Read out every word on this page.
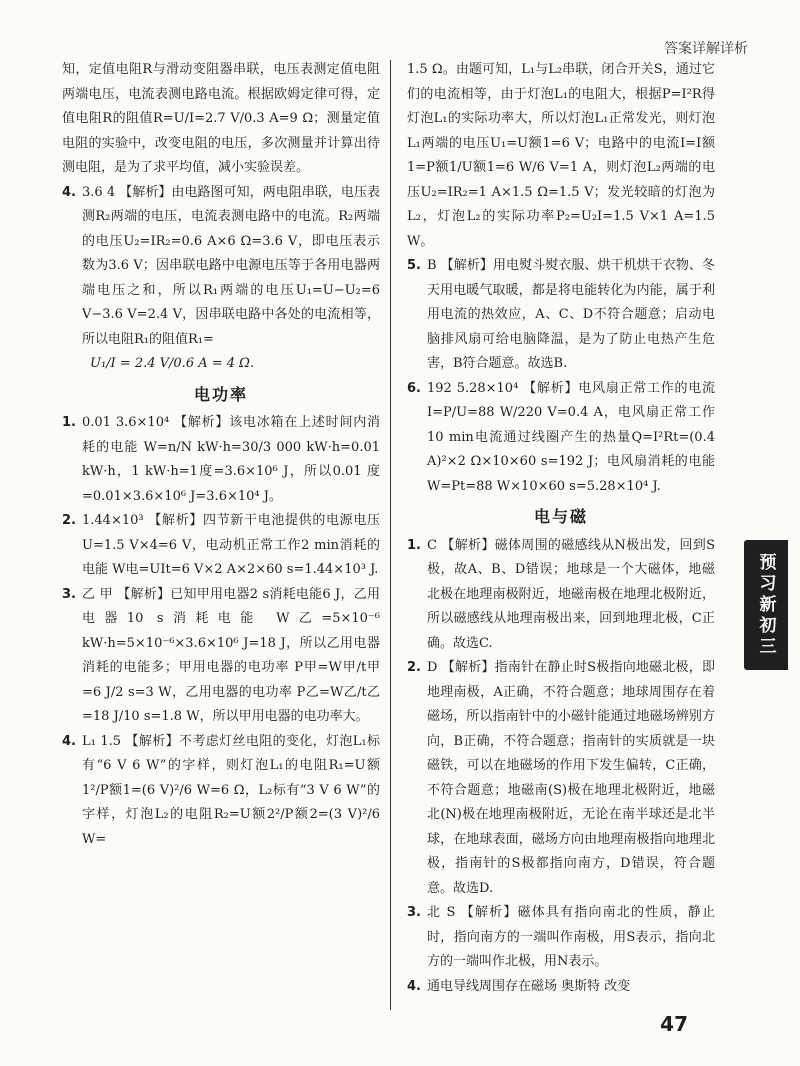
答案详解详析

知，定值电阻R与滑动变阻器串联，电压表测定值电阻两端电压，电流表测电路电流。根据欧姆定律可得，定值电阻R的阻值R=U/I=2.7 V/0.3 A=9 Ω；测量定值电阻的实验中，改变电阻的电压，多次测量并计算出待测电阻，是为了求平均值，减小实验误差。

4. 3.6 4 【解析】由电路图可知，两电阻串联，电压表测R₂两端的电压，电流表测电路中的电流。R₂两端的电压U₂=IR₂=0.6 A×6 Ω=3.6 V，即电压表示数为3.6 V；因串联电路中电源电压等于各用电器两端电压之和，所以R₁两端的电压U₁=U−U₂=6 V−3.6 V=2.4 V，因串联电路中各处的电流相等，所以电阻R₁的阻值R₁=
U₁/I = 2.4 V/0.6 A = 4 Ω.
电功率
1. 0.01 3.6×10⁴ 【解析】该电冰箱在上述时间内消耗的电能 W=n/N kW·h=30/3 000 kW·h=0.01 kW·h，1 kW·h=1度=3.6×10⁶ J，所以0.01 度=0.01×3.6×10⁶ J=3.6×10⁴ J。
2. 1.44×10³ 【解析】四节新干电池提供的电源电压U=1.5 V×4=6 V，电动机正常工作2 min消耗的电能 W电=UIt=6 V×2 A×2×60 s=1.44×10³ J.
3. 乙 甲 【解析】已知甲用电器2 s消耗电能6 J，乙用电器10 s消耗电能 W乙=5×10⁻⁶ kW·h=5×10⁻⁶×3.6×10⁶ J=18 J，所以乙用电器消耗的电能多；甲用电器的电功率 P甲=W甲/t甲=6 J/2 s=3 W，乙用电器的电功率 P乙=W乙/t乙=18 J/10 s=1.8 W，所以甲用电器的电功率大。
4. L₁ 1.5 【解析】不考虑灯丝电阻的变化，灯泡L₁标有“6 V 6 W”的字样，则灯泡L₁的电阻R₁=U额1²/P额1=(6 V)²/6 W=6 Ω，L₂标有“3 V 6 W”的字样，灯泡L₂的电阻R₂=U额2²/P额2=(3 V)²/6 W=

1.5 Ω。由题可知，L₁与L₂串联，闭合开关S，通过它们的电流相等，由于灯泡L₁的电阻大，根据P=I²R得灯泡L₁的实际功率大，所以灯泡L₁正常发光，则灯泡L₁两端的电压U₁=U额1=6 V；电路中的电流I=I额1=P额1/U额1=6 W/6 V=1 A，则灯泡L₂两端的电压U₂=IR₂=1 A×1.5 Ω=1.5 V；发光较暗的灯泡为L₂，灯泡L₂的实际功率P₂=U₂I=1.5 V×1 A=1.5 W。

5. B 【解析】用电熨斗熨衣服、烘干机烘干衣物、冬天用电暖气取暖，都是将电能转化为内能，属于利用电流的热效应，A、C、D不符合题意；启动电脑排风扇可给电脑降温，是为了防止电热产生危害，B符合题意。故选B.
6. 192 5.28×10⁴ 【解析】电风扇正常工作的电流I=P/U=88 W/220 V=0.4 A，电风扇正常工作10 min电流通过线圈产生的热量Q=I²Rt=(0.4 A)²×2 Ω×10×60 s=192 J；电风扇消耗的电能 W=Pt=88 W×10×60 s=5.28×10⁴ J.
电与磁
1. C 【解析】磁体周围的磁感线从N极出发，回到S极，故A、B、D错误；地球是一个大磁体，地磁北极在地理南极附近，地磁南极在地理北极附近，所以磁感线从地理南极出来，回到地理北极，C正确。故选C.
2. D 【解析】指南针在静止时S极指向地磁北极，即地理南极，A正确，不符合题意；地球周围存在着磁场，所以指南针中的小磁针能通过地磁场辨别方向，B正确，不符合题意；指南针的实质就是一块磁铁，可以在地磁场的作用下发生偏转，C正确，不符合题意；地磁南(S)极在地理北极附近，地磁北(N)极在地理南极附近，无论在南半球还是北半球，在地球表面，磁场方向由地理南极指向地理北极，指南针的S极都指向南方，D错误，符合题意。故选D.
3. 北 S 【解析】磁体具有指向南北的性质，静止时，指向南方的一端叫作南极，用S表示，指向北方的一端叫作北极，用N表示。
4. 通电导线周围存在磁场 奥斯特 改变
预习新初三
47
